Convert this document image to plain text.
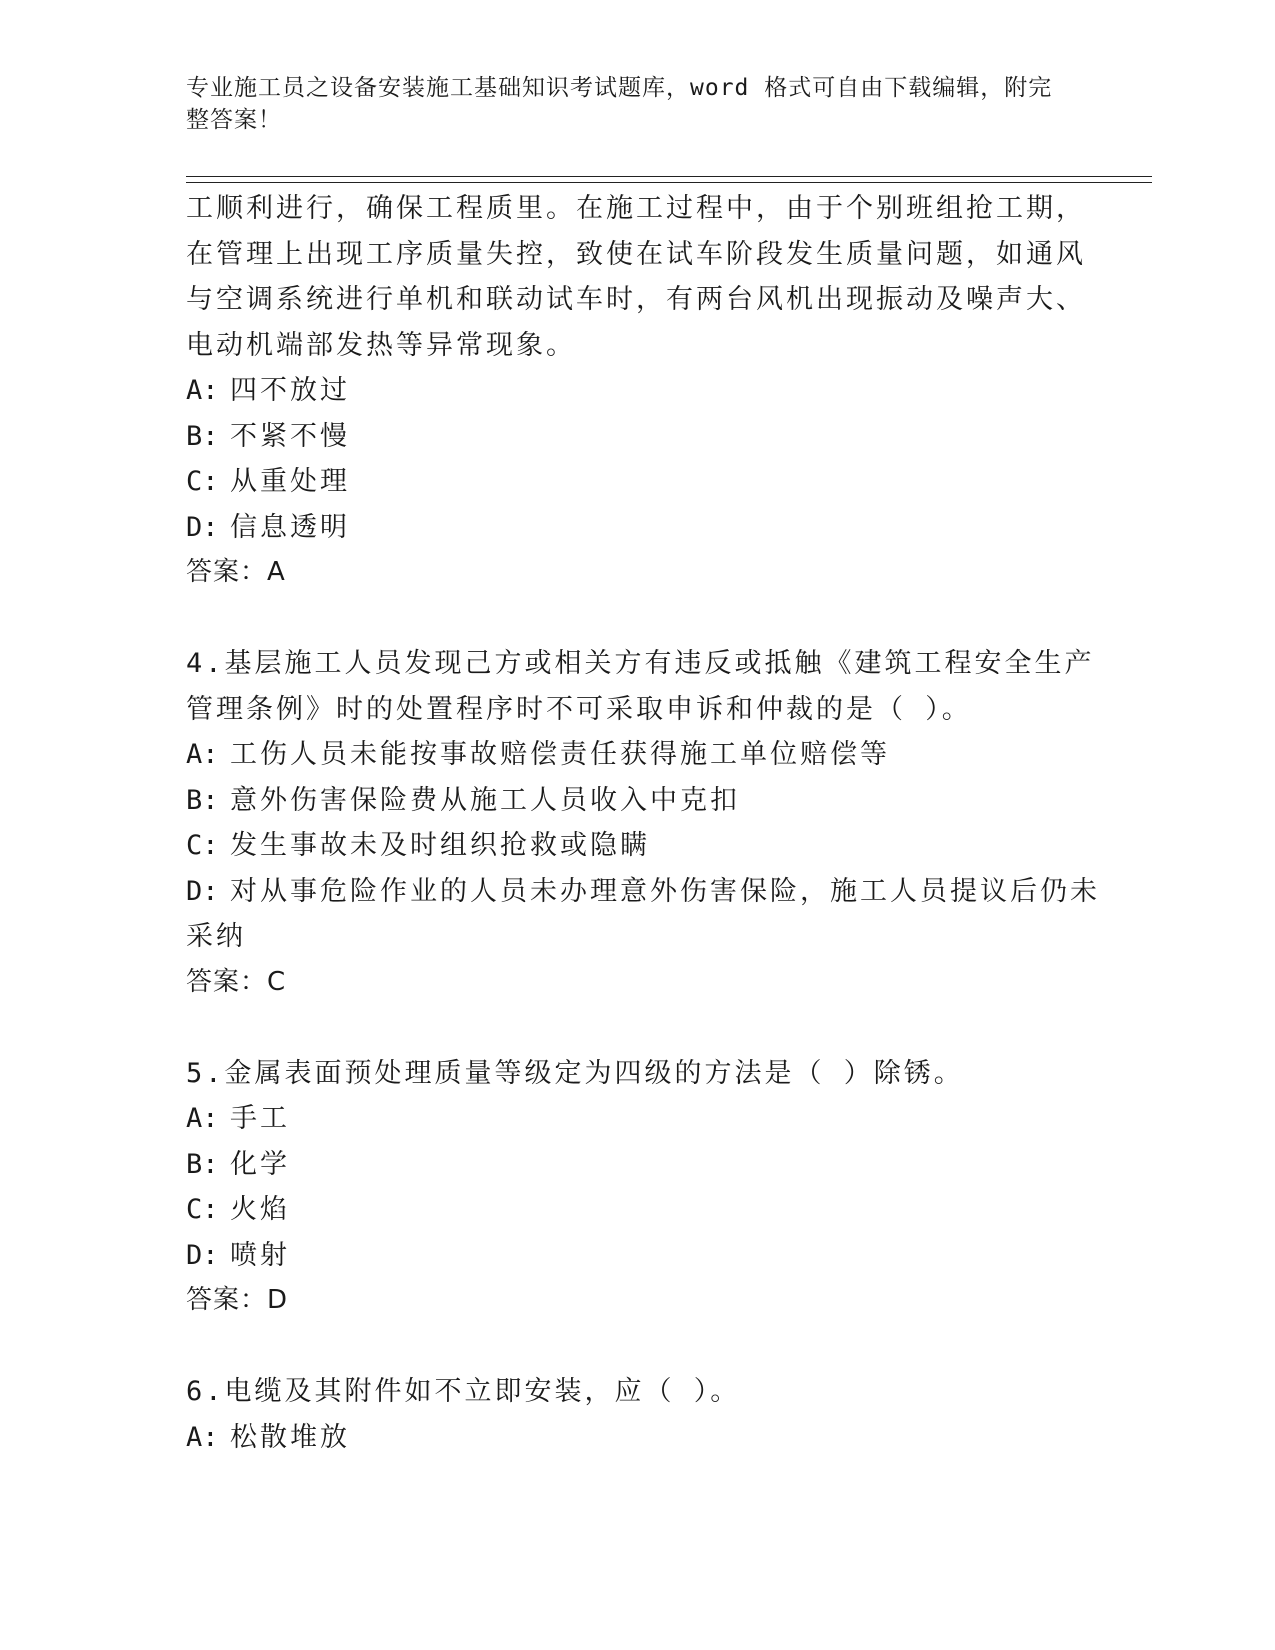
专业施工员之设备安装施工基础知识考试题库，word 格式可自由下载编辑，附完
整答案！
工顺利进行，确保工程质里。在施工过程中，由于个别班组抢工期，
在管理上出现工序质量失控，致使在试车阶段发生质量问题，如通风
与空调系统进行单机和联动试车时，有两台风机出现振动及噪声大、
电动机端部发热等异常现象。
A: 四不放过
B: 不紧不慢
C: 从重处理
D: 信息透明
答案：A
4.基层施工人员发现己方或相关方有违反或抵触《建筑工程安全生产
管理条例》时的处置程序时不可采取申诉和仲裁的是（ ）。
A: 工伤人员未能按事故赔偿责任获得施工单位赔偿等
B: 意外伤害保险费从施工人员收入中克扣
C: 发生事故未及时组织抢救或隐瞒
D: 对从事危险作业的人员未办理意外伤害保险，施工人员提议后仍未
采纳
答案：C
5.金属表面预处理质量等级定为四级的方法是（ ）除锈。
A: 手工
B: 化学
C: 火焰
D: 喷射
答案：D
6.电缆及其附件如不立即安装，应（ ）。
A: 松散堆放
